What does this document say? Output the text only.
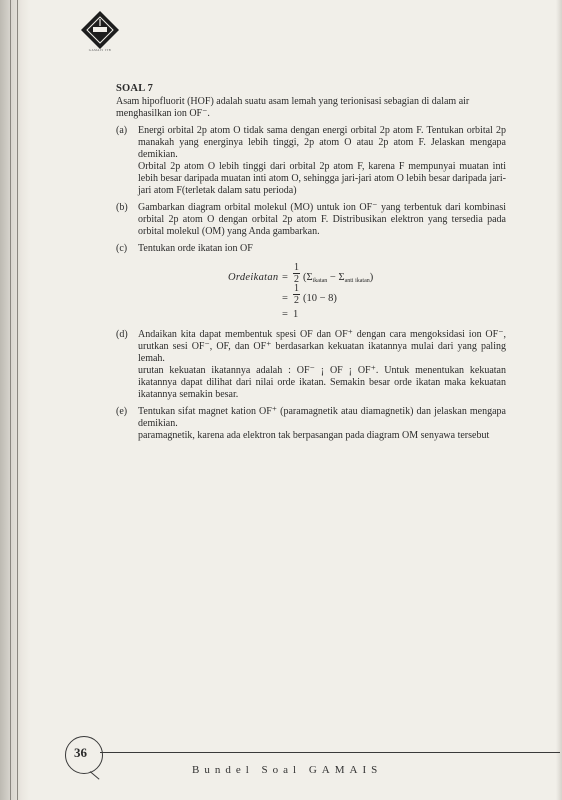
GAMAIS ITB
SOAL 7
Asam hipofluorit (HOF) adalah suatu asam lemah yang terionisasi sebagian di dalam air menghasilkan ion OF⁻.
(a)	Energi orbital 2p atom O tidak sama dengan energi orbital 2p atom F. Tentukan orbital 2p manakah yang energinya lebih tinggi, 2p atom O atau 2p atom F. Jelaskan mengapa demikian.
Orbital 2p atom O lebih tinggi dari orbital 2p atom F, karena F mempunyai muatan inti lebih besar daripada muatan inti atom O, sehingga jari-jari atom O lebih besar daripada jari-jari atom F(terletak dalam satu perioda)
(b)	Gambarkan diagram orbital molekul (MO) untuk ion OF⁻ yang terbentuk dari kombinasi orbital 2p atom O dengan orbital 2p atom F. Distribusikan elektron yang tersedia pada orbital molekul (OM) yang Anda gambarkan.
(c)	Tentukan orde ikatan ion OF
Ordeikatan =
1
2 $(\Sigma_{ikatan} - \Sigma_{anti ikatan})$
=
1
2 (10 − 8)
= 1
(d)	Andaikan kita dapat membentuk spesi OF dan OF⁺ dengan cara mengoksidasi ion OF⁻, urutkan sesi OF⁻, OF, dan OF⁺ berdasarkan kekuatan ikatannya mulai dari yang paling lemah.
urutan kekuatan ikatannya adalah : OF⁻ ¡ OF ¡ OF⁺. Untuk menentukan kekuatan ikatannya dapat dilihat dari nilai orde ikatan. Semakin besar orde ikatan maka kekuatan ikatannya semakin besar.
(e)	Tentukan sifat magnet kation OF⁺ (paramagnetik atau diamagnetik) dan jelaskan mengapa demikian.
paramagnetik, karena ada elektron tak berpasangan pada diagram OM senyawa tersebut
36
Bundel Soal GAMAIS
